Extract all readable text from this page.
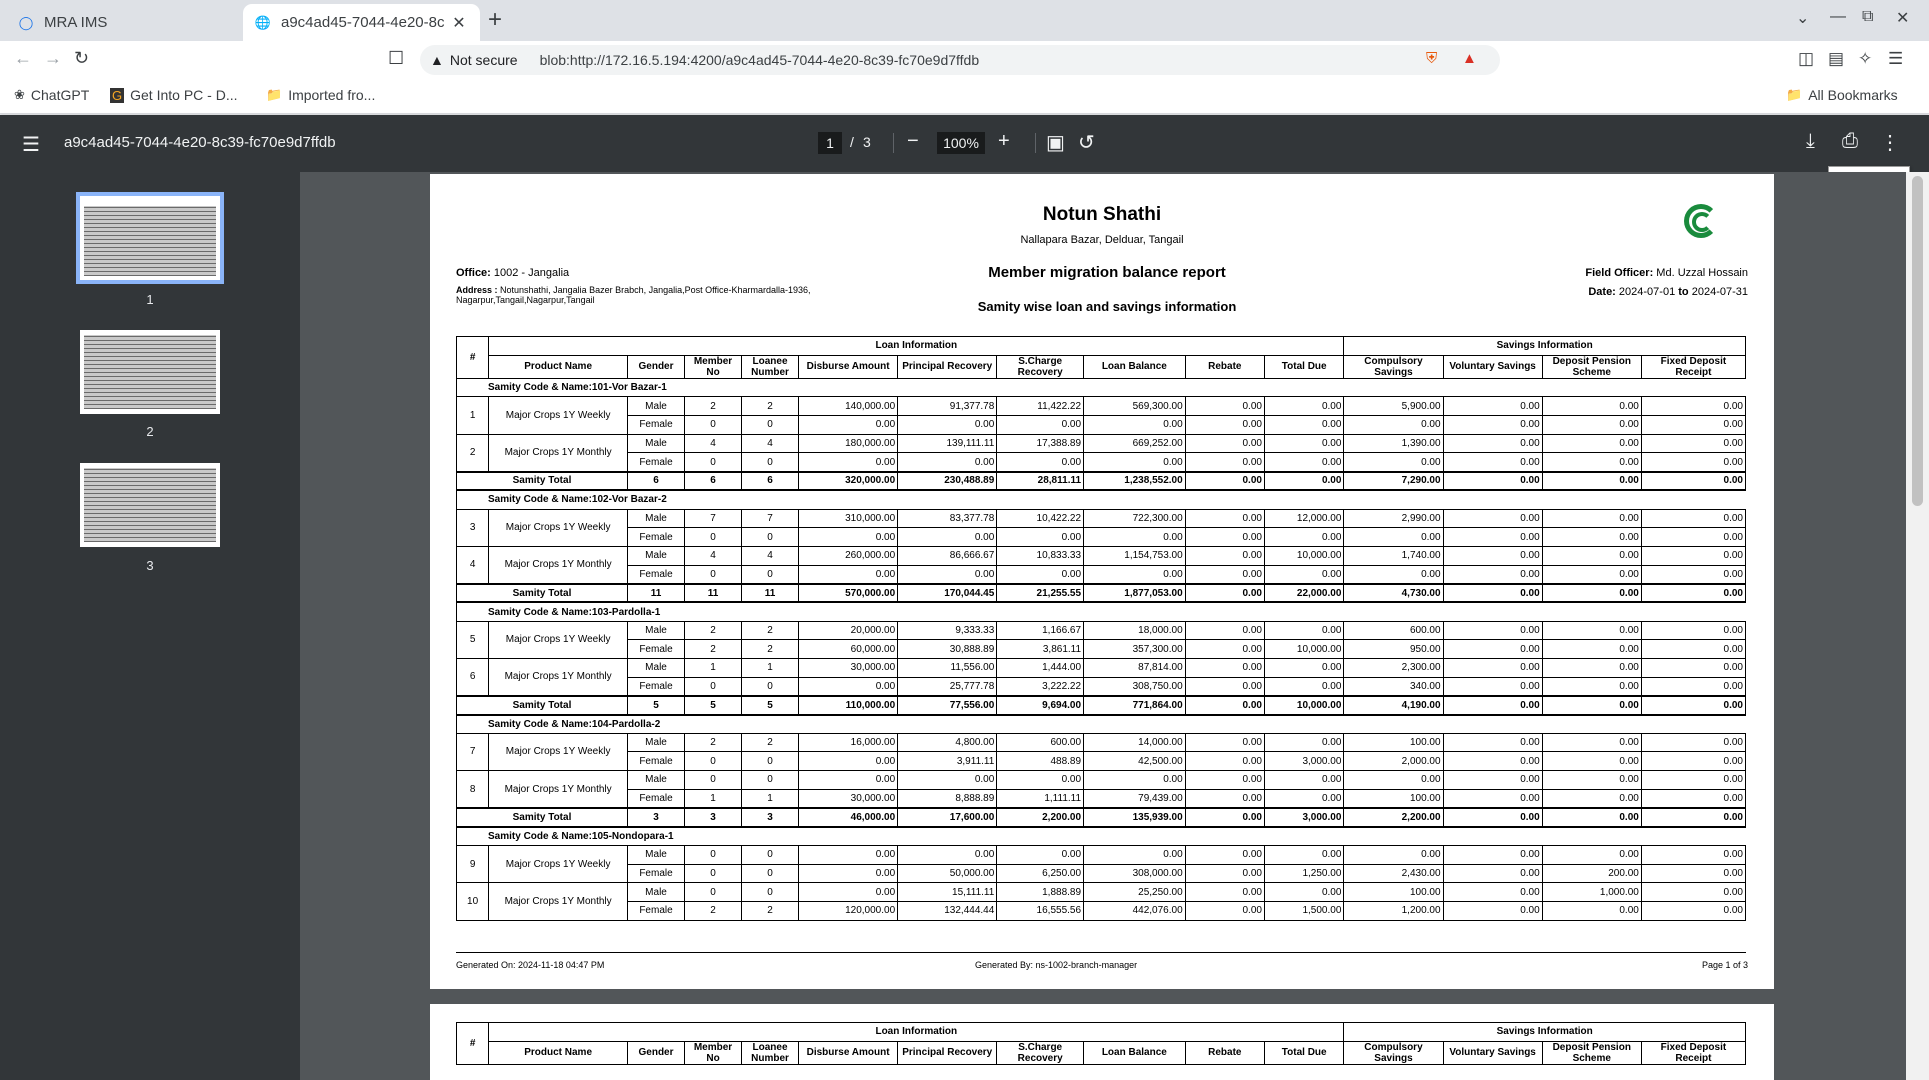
◯ MRA IMS	🌐 a9c4ad45-7044-4e20-8c ✕ +	⌄ — ⧉ ✕
← → ↻	☐ ▲ Not secure blob:http://172.16.5.194:4200/a9c4ad45-7044-4e20-8c39-fc70e9d7ffdb	⛨ ▲	◫ ▤ ✧ ☰
❀ ChatGPT G Get Into PC - D... 📁 Imported fro...	📁 All Bookmarks
☰ a9c4ad45-7044-4e20-8c39-fc70e9d7ffdb	1	/ 3 −	100% + ▣ ↺	⤓ ⎙ ⋮
1
2
3
Notun Shathi
Nallapara Bazar, Delduar, Tangail
Office: 1002 - Jangalia
Address : Notunshathi, Jangalia Bazer Brabch, Jangalia,Post Office-Kharmardalla-1936, Nagarpur,Tangail,Nagarpur,Tangail
Member migration balance report
Samity wise loan and savings information
Field Officer: Md. Uzzal Hossain
Date: 2024-07-01 to 2024-07-31
#	Loan Information										Savings Information			
	Product Name	Gender	Member No	Loanee Number	Disburse Amount	Principal Recovery	S.Charge Recovery	Loan Balance	Rebate	Total Due	Compulsory Savings	Voluntary Savings	Deposit Pension Scheme	Fixed Deposit Receipt
Samity Code & Name:101-Vor Bazar-1														
1	Major Crops 1Y Weekly	Male	2	2	140,000.00	91,377.78	11,422.22	569,300.00	0.00	0.00	5,900.00	0.00	0.00	0.00
		Female	0	0	0.00	0.00	0.00	0.00	0.00	0.00	0.00	0.00	0.00	0.00
2	Major Crops 1Y Monthly	Male	4	4	180,000.00	139,111.11	17,388.89	669,252.00	0.00	0.00	1,390.00	0.00	0.00	0.00
		Female	0	0	0.00	0.00	0.00	0.00	0.00	0.00	0.00	0.00	0.00	0.00
Samity Total		6	6	6	320,000.00	230,488.89	28,811.11	1,238,552.00	0.00	0.00	7,290.00	0.00	0.00	0.00
Samity Code & Name:102-Vor Bazar-2														
3	Major Crops 1Y Weekly	Male	7	7	310,000.00	83,377.78	10,422.22	722,300.00	0.00	12,000.00	2,990.00	0.00	0.00	0.00
		Female	0	0	0.00	0.00	0.00	0.00	0.00	0.00	0.00	0.00	0.00	0.00
4	Major Crops 1Y Monthly	Male	4	4	260,000.00	86,666.67	10,833.33	1,154,753.00	0.00	10,000.00	1,740.00	0.00	0.00	0.00
		Female	0	0	0.00	0.00	0.00	0.00	0.00	0.00	0.00	0.00	0.00	0.00
Samity Total		11	11	11	570,000.00	170,044.45	21,255.55	1,877,053.00	0.00	22,000.00	4,730.00	0.00	0.00	0.00
Samity Code & Name:103-Pardolla-1														
5	Major Crops 1Y Weekly	Male	2	2	20,000.00	9,333.33	1,166.67	18,000.00	0.00	0.00	600.00	0.00	0.00	0.00
		Female	2	2	60,000.00	30,888.89	3,861.11	357,300.00	0.00	10,000.00	950.00	0.00	0.00	0.00
6	Major Crops 1Y Monthly	Male	1	1	30,000.00	11,556.00	1,444.00	87,814.00	0.00	0.00	2,300.00	0.00	0.00	0.00
		Female	0	0	0.00	25,777.78	3,222.22	308,750.00	0.00	0.00	340.00	0.00	0.00	0.00
Samity Total		5	5	5	110,000.00	77,556.00	9,694.00	771,864.00	0.00	10,000.00	4,190.00	0.00	0.00	0.00
Samity Code & Name:104-Pardolla-2														
7	Major Crops 1Y Weekly	Male	2	2	16,000.00	4,800.00	600.00	14,000.00	0.00	0.00	100.00	0.00	0.00	0.00
		Female	0	0	0.00	3,911.11	488.89	42,500.00	0.00	3,000.00	2,000.00	0.00	0.00	0.00
8	Major Crops 1Y Monthly	Male	0	0	0.00	0.00	0.00	0.00	0.00	0.00	0.00	0.00	0.00	0.00
		Female	1	1	30,000.00	8,888.89	1,111.11	79,439.00	0.00	0.00	100.00	0.00	0.00	0.00
Samity Total		3	3	3	46,000.00	17,600.00	2,200.00	135,939.00	0.00	3,000.00	2,200.00	0.00	0.00	0.00
Samity Code & Name:105-Nondopara-1														
9	Major Crops 1Y Weekly	Male	0	0	0.00	0.00	0.00	0.00	0.00	0.00	0.00	0.00	0.00	0.00
		Female	0	0	0.00	50,000.00	6,250.00	308,000.00	0.00	1,250.00	2,430.00	0.00	200.00	0.00
10	Major Crops 1Y Monthly	Male	0	0	0.00	15,111.11	1,888.89	25,250.00	0.00	0.00	100.00	0.00	1,000.00	0.00
		Female	2	2	120,000.00	132,444.44	16,555.56	442,076.00	0.00	1,500.00	1,200.00	0.00	0.00	0.00
Generated On: 2024-11-18 04:47 PM	Generated By: ns-1002-branch-manager	Page 1 of 3
#	Loan Information										Savings Information			
	Product Name	Gender	Member No	Loanee Number	Disburse Amount	Principal Recovery	S.Charge Recovery	Loan Balance	Rebate	Total Due	Compulsory Savings	Voluntary Savings	Deposit Pension Scheme	Fixed Deposit Receipt
